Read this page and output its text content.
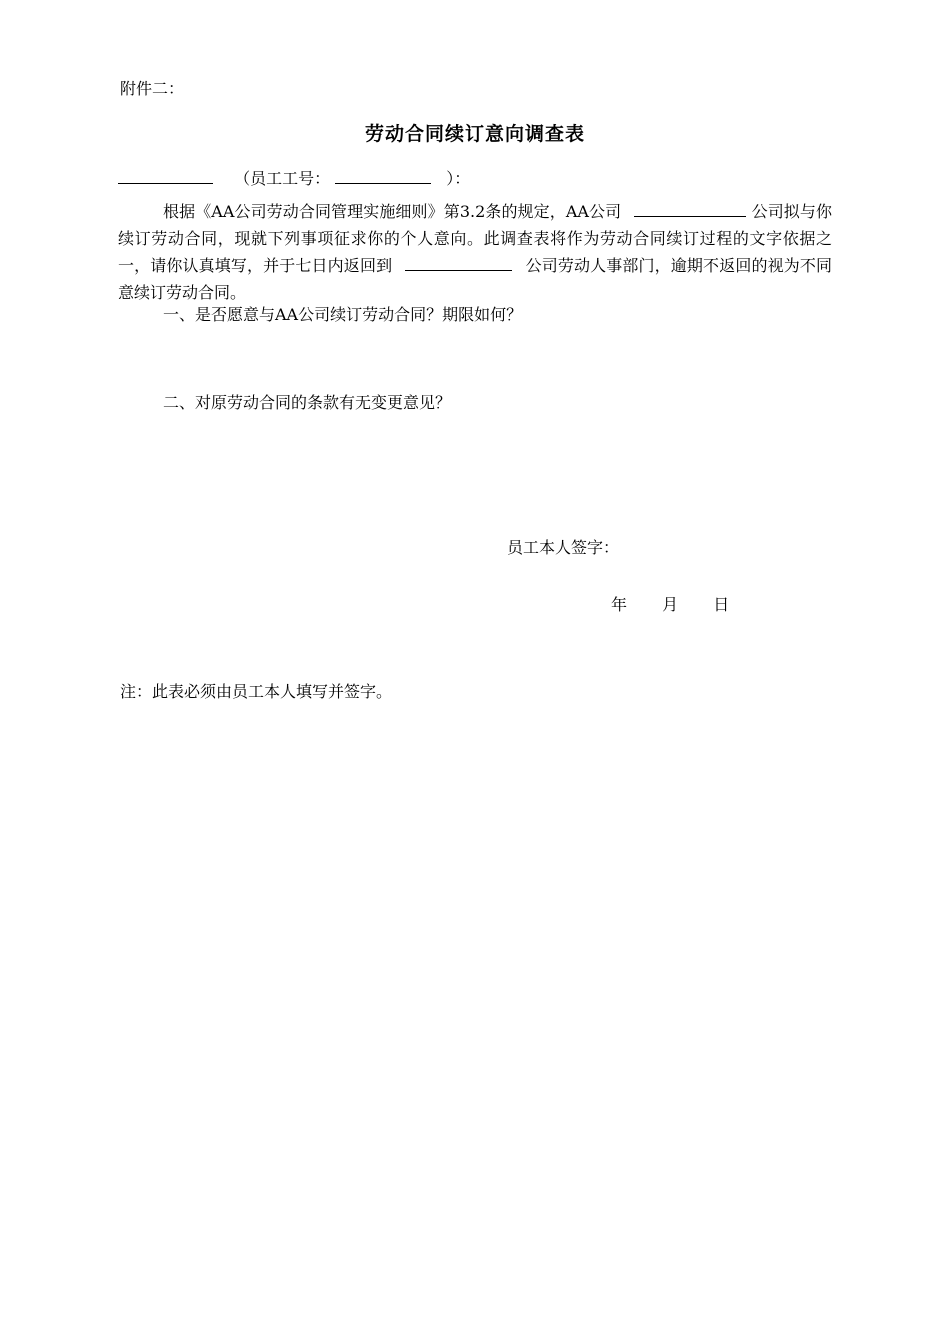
附件二：
劳动合同续订意向调查表
（员工工号：	）：

根据《AA公司劳动合同管理实施细则》第3.2条的规定，AA公司	公司拟与你续订劳动合同，现就下列事项征求你的个人意向。此调查表将作为劳动合同续订过程的文字依据之一，请你认真填写，并于七日内返回到	公司劳动人事部门，逾期不返回的视为不同意续订劳动合同。

一、是否愿意与AA公司续订劳动合同？期限如何？
二、对原劳动合同的条款有无变更意见？
员工本人签字：
年 月 日
注：此表必须由员工本人填写并签字。
